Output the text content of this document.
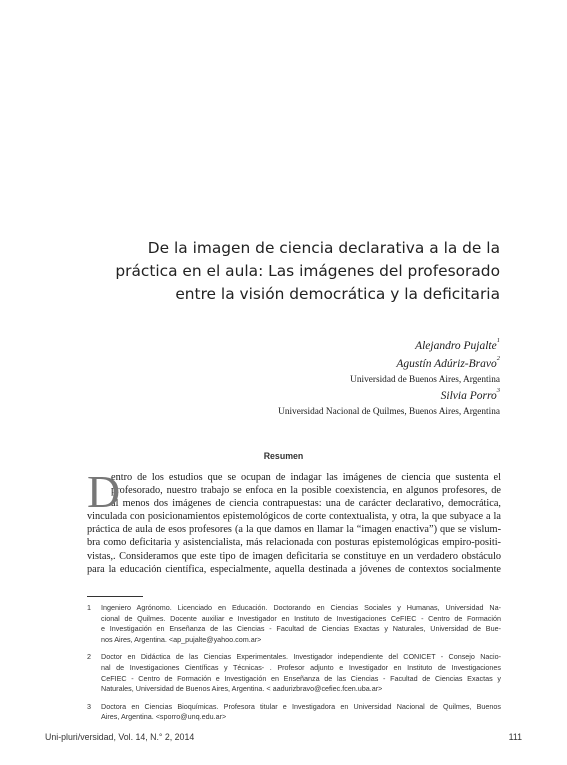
De la imagen de ciencia declarativa a la de la
práctica en el aula: Las imágenes del profesorado
entre la visión democrática y la deficitaria
Alejandro Pujalte$^1$
Agustín Adúriz-Bravo$^2$
Universidad de Buenos Aires, Argentina
Silvia Porro$^3$
Universidad Nacional de Quilmes, Buenos Aires, Argentina
Resumen
D
entro de los estudios que se ocupan de indagar las imágenes de ciencia que sustenta el
profesorado, nuestro trabajo se enfoca en la posible coexistencia, en algunos profesores, de
al menos dos imágenes de ciencia contrapuestas: una de carácter declarativo, democrática,
vinculada con posicionamientos epistemológicos de corte contextualista, y otra, la que subyace a la
práctica de aula de esos profesores (a la que damos en llamar la “imagen enactiva”) que se vislum-
bra como deficitaria y asistencialista, más relacionada con posturas epistemológicas empiro-positi-
vistas,. Consideramos que este tipo de imagen deficitaria se constituye en un verdadero obstáculo
para la educación científica, especialmente, aquella destinada a jóvenes de contextos socialmente
1 Ingeniero Agrónomo. Licenciado en Educación. Doctorando en Ciencias Sociales y Humanas, Universidad Na-
cional de Quilmes. Docente auxiliar e Investigador en Instituto de Investigaciones CeFIEC - Centro de Formación
e Investigación en Enseñanza de las Ciencias - Facultad de Ciencias Exactas y Naturales, Universidad de Bue-
nos Aires, Argentina. <ap_pujalte@yahoo.com.ar>
2 Doctor en Didáctica de las Ciencias Experimentales. Investigador independiente del CONICET - Consejo Nacio-
nal de Investigaciones Científicas y Técnicas- . Profesor adjunto e Investigador en Instituto de Investigaciones
CeFIEC - Centro de Formación e Investigación en Enseñanza de las Ciencias - Facultad de Ciencias Exactas y
Naturales, Universidad de Buenos Aires, Argentina. < aadurizbravo@cefiec.fcen.uba.ar>
3 Doctora en Ciencias Bioquímicas. Profesora titular e Investigadora en Universidad Nacional de Quilmes, Buenos
Aires, Argentina. <sporro@unq.edu.ar>
Uni-pluri/versidad, Vol. 14, N.° 2, 2014	111
